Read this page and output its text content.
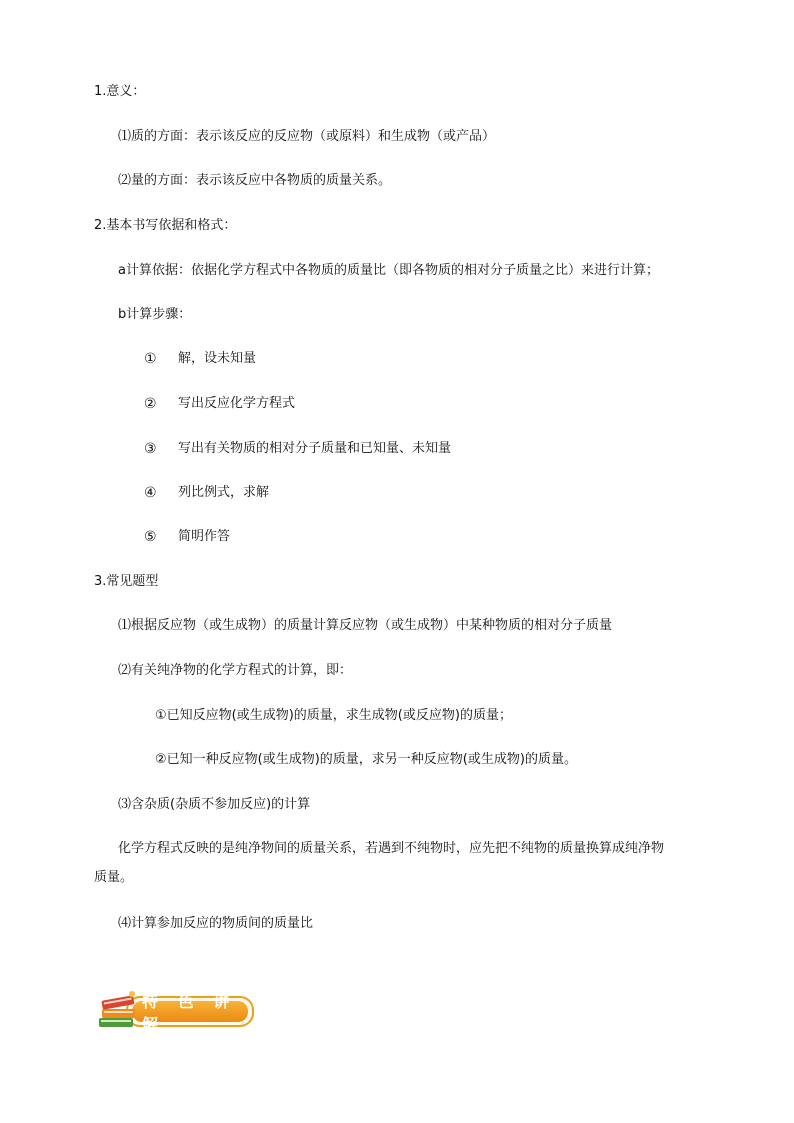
1.意义：
⑴质的方面：表示该反应的反应物（或原料）和生成物（或产品）
⑵量的方面：表示该反应中各物质的质量关系。
2.基本书写依据和格式：
a计算依据：依据化学方程式中各物质的质量比（即各物质的相对分子质量之比）来进行计算；
b计算步骤：
① 解，设未知量
② 写出反应化学方程式
③ 写出有关物质的相对分子质量和已知量、未知量
④ 列比例式，求解
⑤ 简明作答
3.常见题型
⑴根据反应物（或生成物）的质量计算反应物（或生成物）中某种物质的相对分子质量
⑵有关纯净物的化学方程式的计算，即：
①已知反应物(或生成物)的质量，求生成物(或反应物)的质量；
②已知一种反应物(或生成物)的质量，求另一种反应物(或生成物)的质量。
⑶含杂质(杂质不参加反应)的计算
化学方程式反映的是纯净物间的质量关系，若遇到不纯物时，应先把不纯物的质量换算成纯净物质量。
⑷计算参加反应的物质间的质量比
特 色 讲 解
